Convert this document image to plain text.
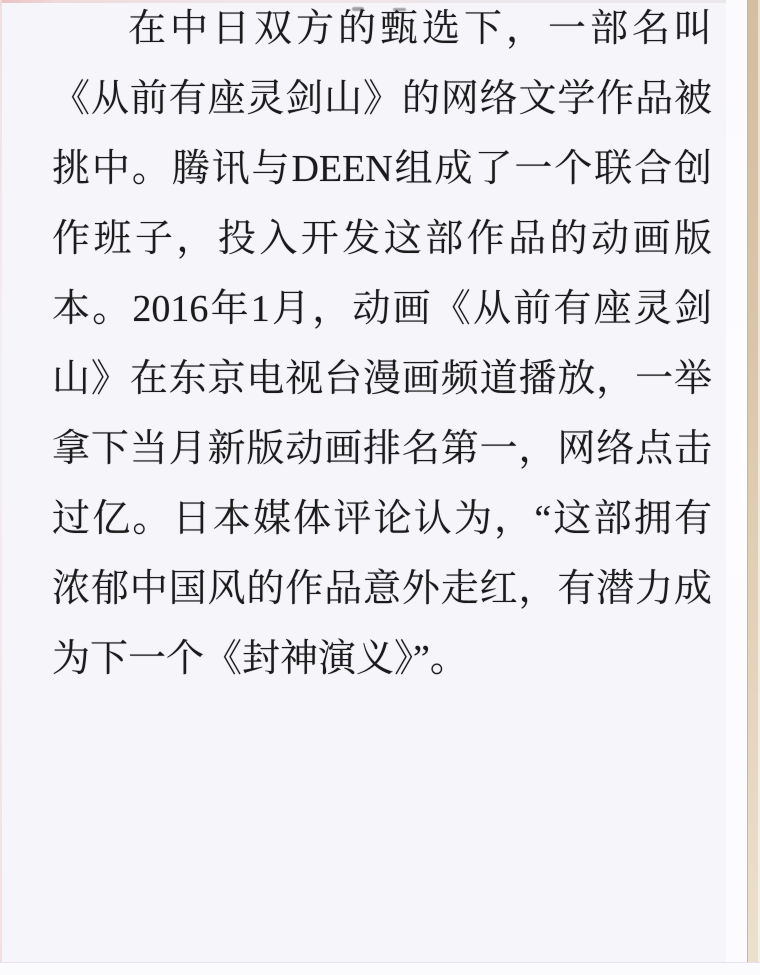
在中日双方的甄选下，一部名叫
《从前有座灵剑山》的网络文学作品被
挑中。腾讯与DEEN组成了一个联合创
作班子，投入开发这部作品的动画版
本。2016年1月，动画《从前有座灵剑
山》在东京电视台漫画频道播放，一举
拿下当月新版动画排名第一，网络点击
过亿。日本媒体评论认为，“这部拥有
浓郁中国风的作品意外走红，有潜力成
为下一个《封神演义》”。
